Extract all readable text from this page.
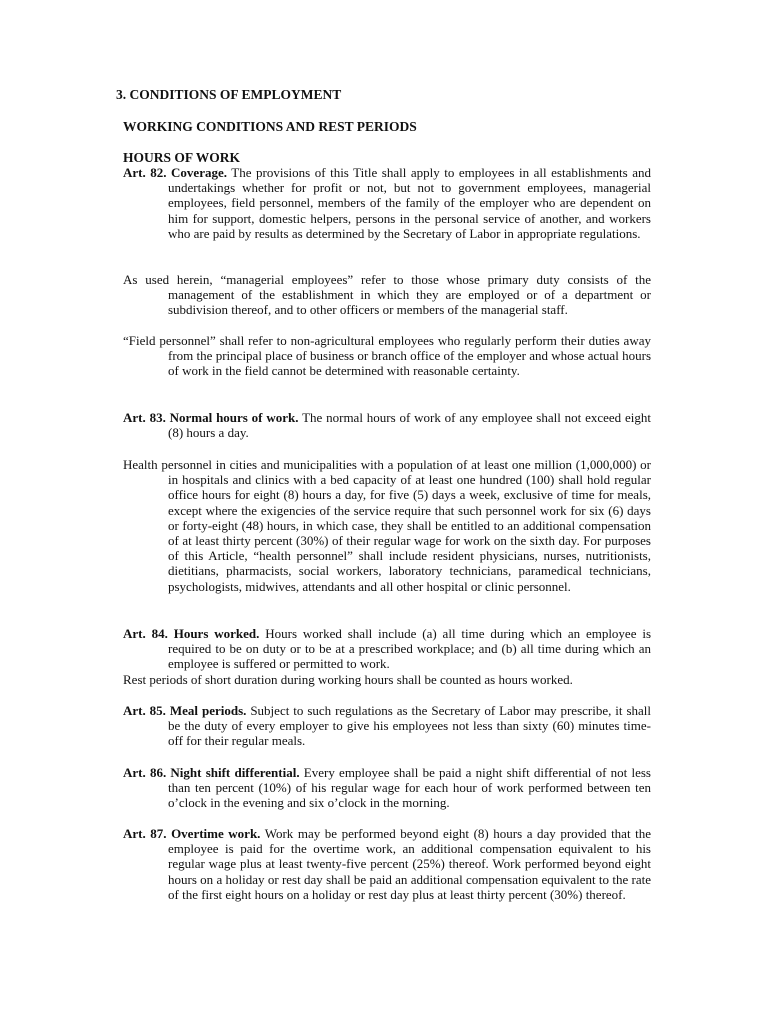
3. CONDITIONS OF EMPLOYMENT
WORKING CONDITIONS AND REST PERIODS
HOURS OF WORK
Art. 82. Coverage. The provisions of this Title shall apply to employees in all establishments and undertakings whether for profit or not, but not to government employees, managerial employees, field personnel, members of the family of the employer who are dependent on him for support, domestic helpers, persons in the personal service of another, and workers who are paid by results as determined by the Secretary of Labor in appropriate regulations.
As used herein, “managerial employees” refer to those whose primary duty consists of the management of the establishment in which they are employed or of a department or subdivision thereof, and to other officers or members of the managerial staff.
“Field personnel” shall refer to non-agricultural employees who regularly perform their duties away from the principal place of business or branch office of the employer and whose actual hours of work in the field cannot be determined with reasonable certainty.
Art. 83. Normal hours of work. The normal hours of work of any employee shall not exceed eight (8) hours a day.
Health personnel in cities and municipalities with a population of at least one million (1,000,000) or in hospitals and clinics with a bed capacity of at least one hundred (100) shall hold regular office hours for eight (8) hours a day, for five (5) days a week, exclusive of time for meals, except where the exigencies of the service require that such personnel work for six (6) days or forty-eight (48) hours, in which case, they shall be entitled to an additional compensation of at least thirty percent (30%) of their regular wage for work on the sixth day. For purposes of this Article, “health personnel” shall include resident physicians, nurses, nutritionists, dietitians, pharmacists, social workers, laboratory technicians, paramedical technicians, psychologists, midwives, attendants and all other hospital or clinic personnel.
Art. 84. Hours worked. Hours worked shall include (a) all time during which an employee is required to be on duty or to be at a prescribed workplace; and (b) all time during which an employee is suffered or permitted to work.
Rest periods of short duration during working hours shall be counted as hours worked.
Art. 85. Meal periods. Subject to such regulations as the Secretary of Labor may prescribe, it shall be the duty of every employer to give his employees not less than sixty (60) minutes time-off for their regular meals.
Art. 86. Night shift differential. Every employee shall be paid a night shift differential of not less than ten percent (10%) of his regular wage for each hour of work performed between ten o’clock in the evening and six o’clock in the morning.
Art. 87. Overtime work. Work may be performed beyond eight (8) hours a day provided that the employee is paid for the overtime work, an additional compensation equivalent to his regular wage plus at least twenty-five percent (25%) thereof. Work performed beyond eight hours on a holiday or rest day shall be paid an additional compensation equivalent to the rate of the first eight hours on a holiday or rest day plus at least thirty percent (30%) thereof.
